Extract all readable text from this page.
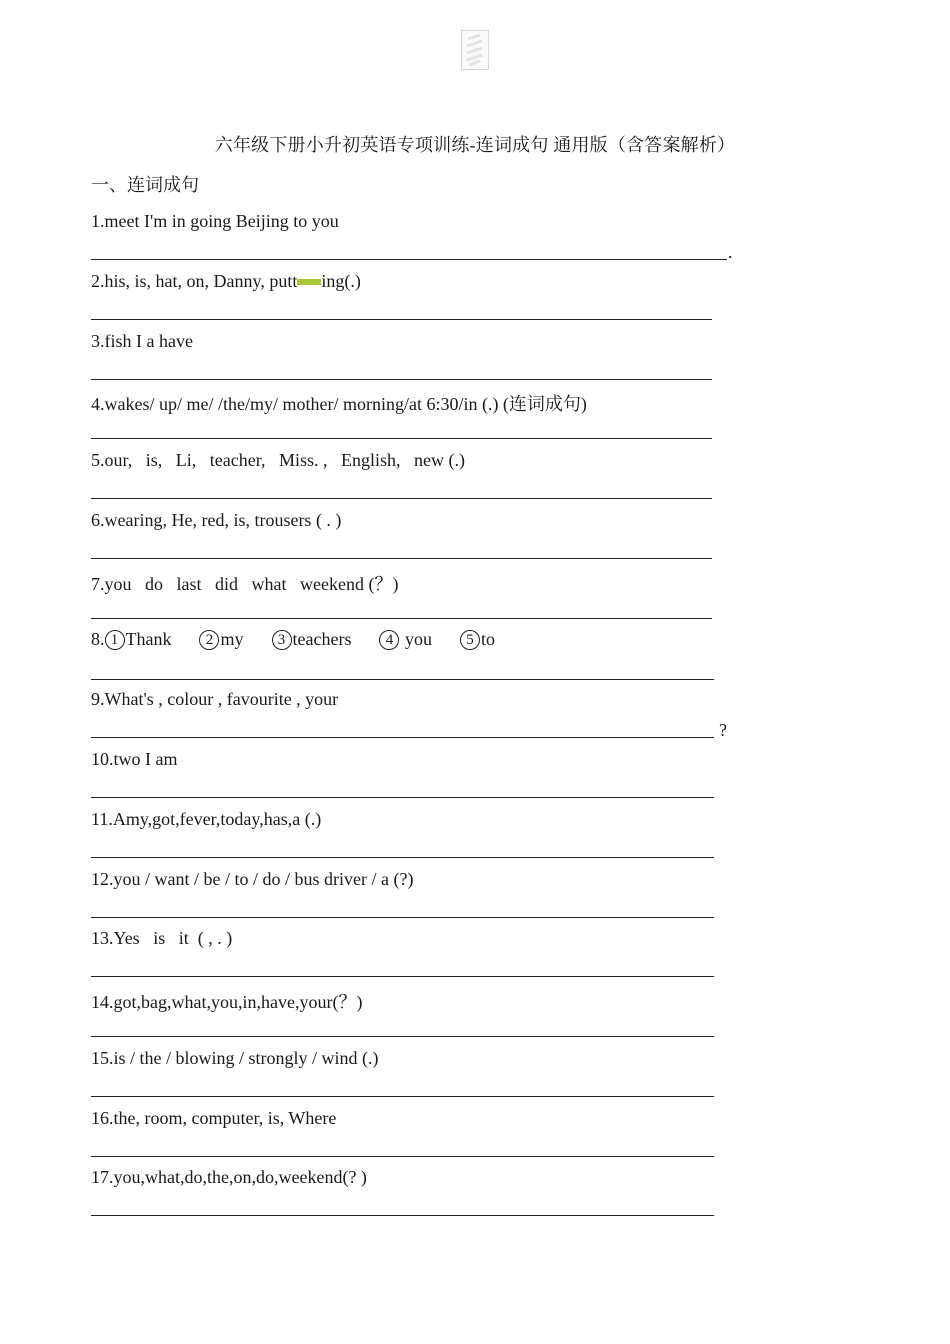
六年级下册小升初英语专项训练-连词成句 通用版（含答案解析）
一、连词成句
1.meet I'm in going Beijing to you
.
2.his, is, hat, on, Danny, putt ing(.)
3.fish I a have
4.wakes/ up/ me/ /the/my/ mother/ morning/at 6:30/in (.) (连词成句)
5.our,   is,   Li,   teacher,   Miss. ,   English,   new (.)
6.wearing, He, red, is, trousers ( . )
7.you   do   last   did   what   weekend (？)
8. 1 Thank 2 my 3 teachers 4 you 5 to
9.What's , colour , favourite , your
?
10.two I am
11.Amy,got,fever,today,has,a (.)
12.you / want / be / to / do / bus driver / a (?)
13.Yes   is   it  ( , . )
14.got,bag,what,you,in,have,your(？)
15.is / the / blowing / strongly / wind (.)
16.the, room, computer, is, Where
17.you,what,do,the,on,do,weekend(? )
